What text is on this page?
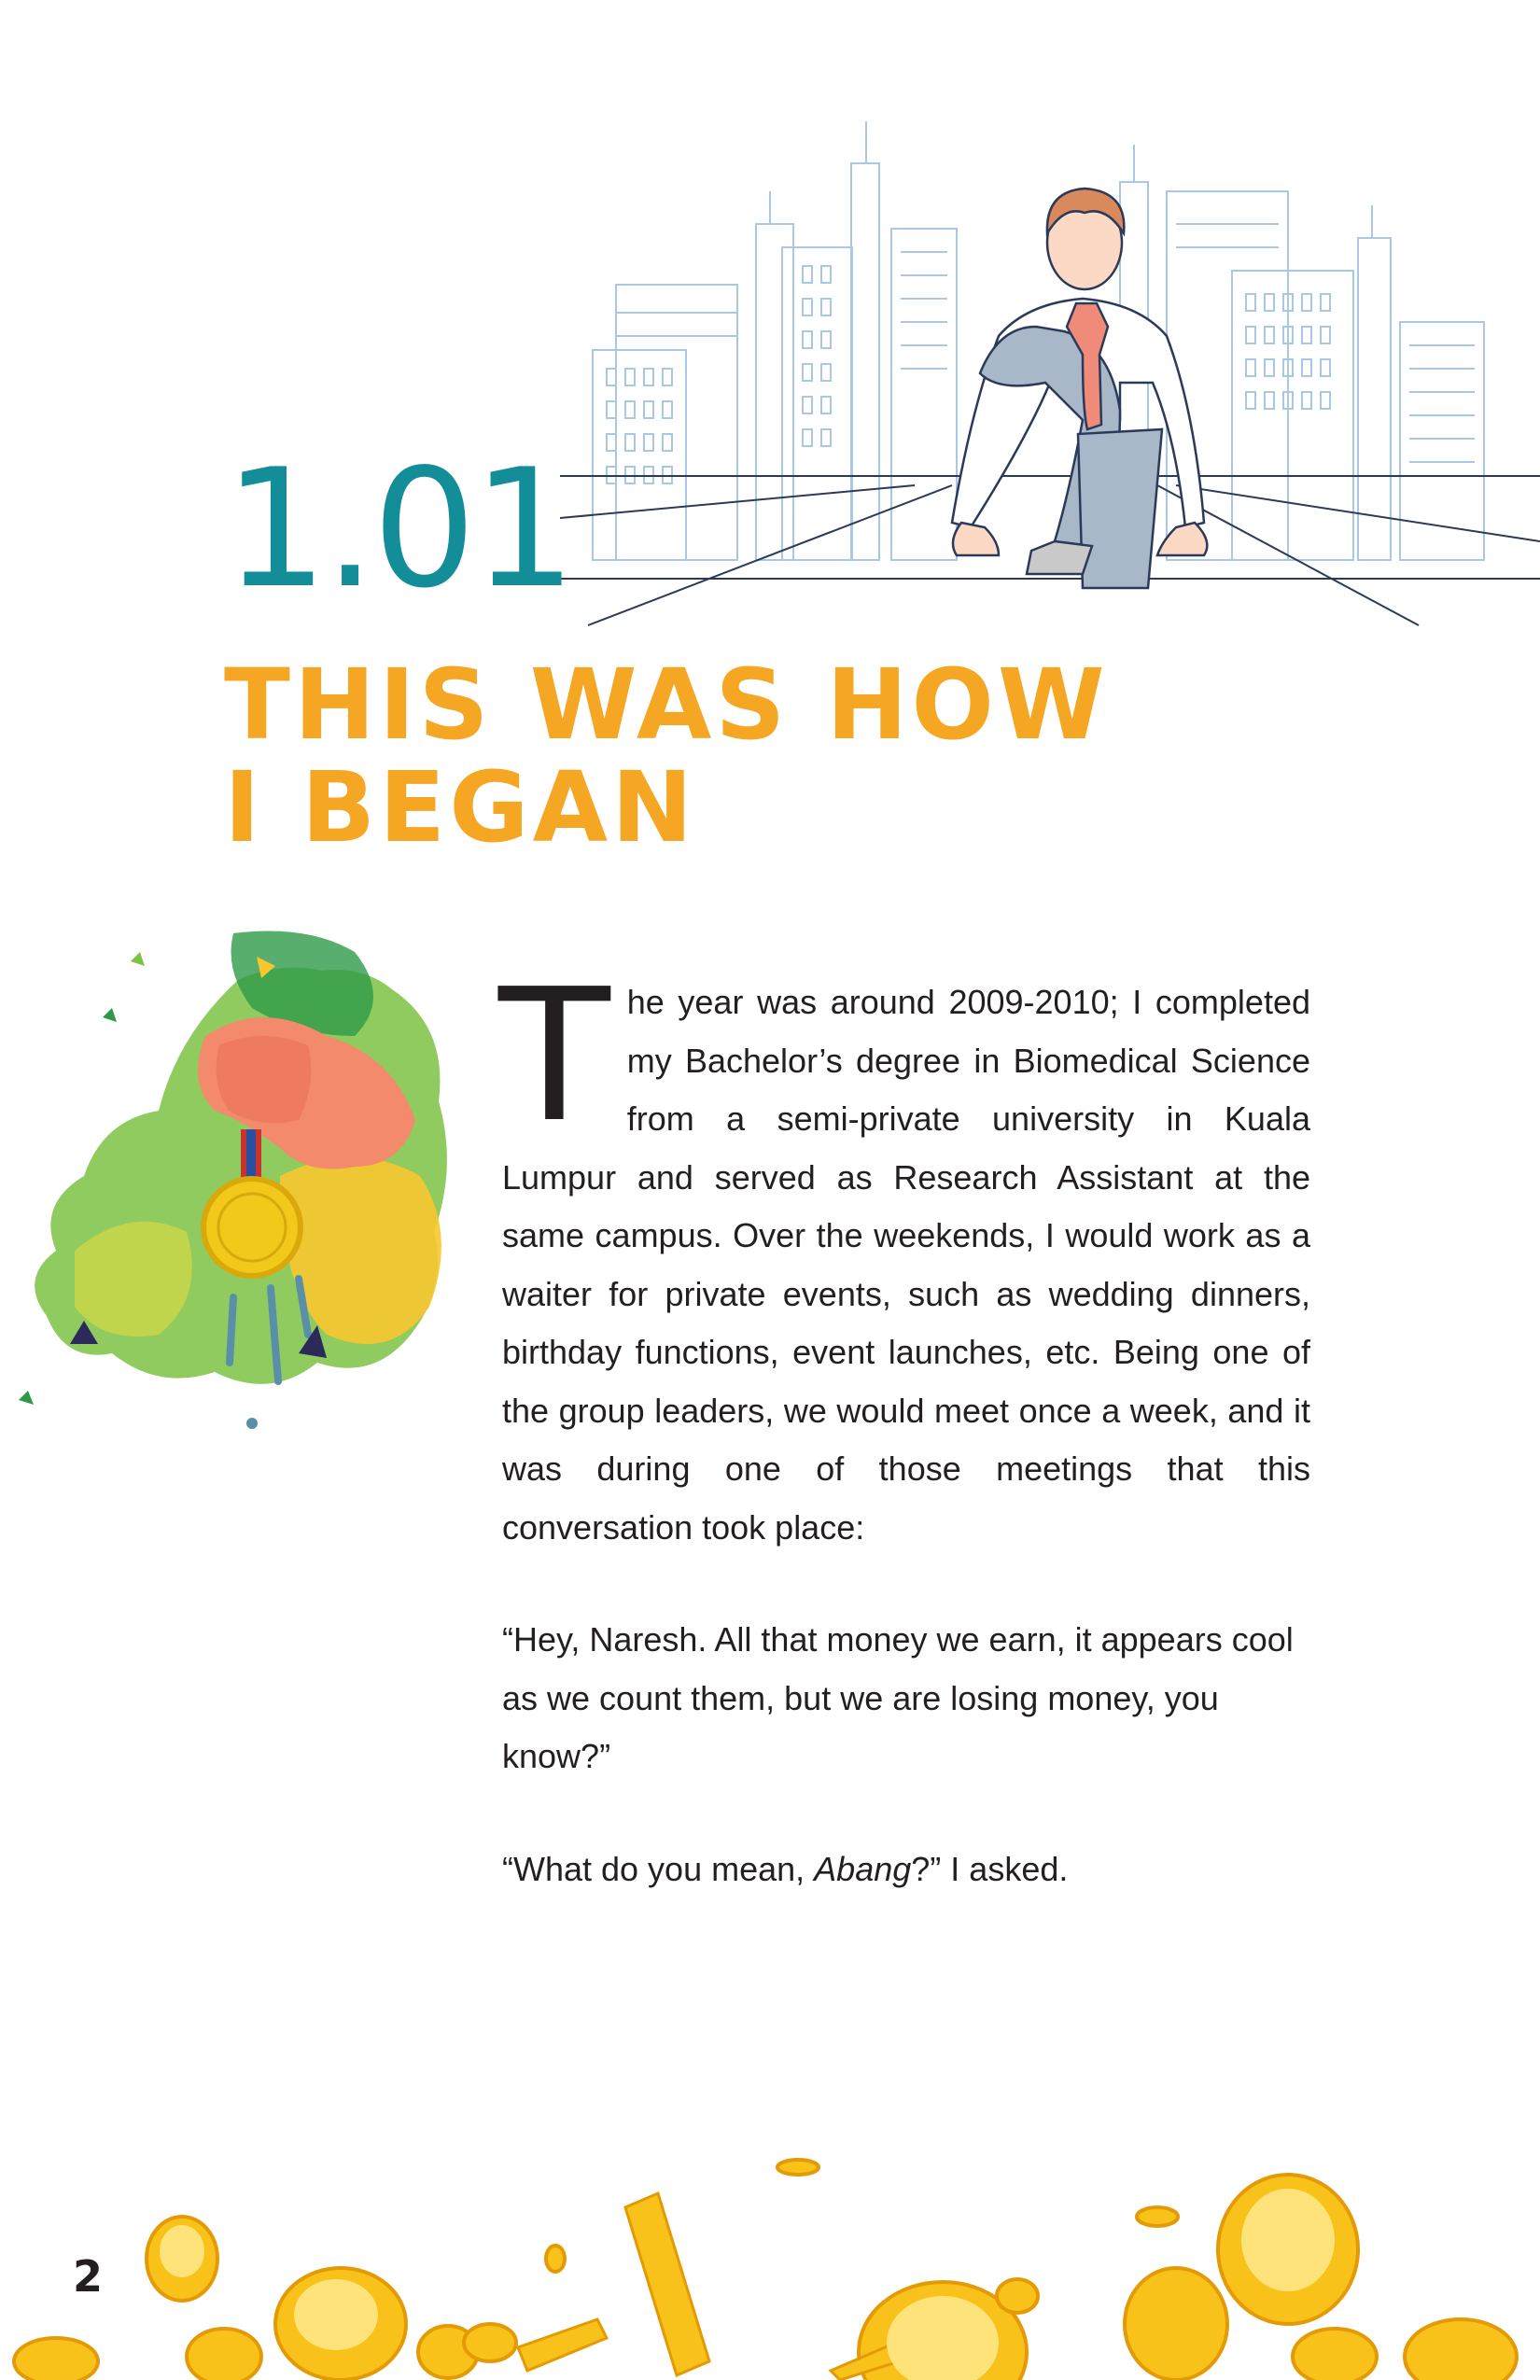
1.01
THIS WAS HOW
I BEGAN

The year was around 2009-2010; I completed my Bachelor’s degree in Biomedical Science from a semi-private university in Kuala Lumpur and served as Research Assistant at the same campus. Over the weekends, I would work as a waiter for private events, such as wedding dinners, birthday functions, event launches, etc. Being one of the group leaders, we would meet once a week, and it was during one of those meetings that this conversation took place:

“Hey, Naresh. All that money we earn, it appears cool as we count them, but we are losing money, you know?”

“What do you mean, Abang?” I asked.

2
